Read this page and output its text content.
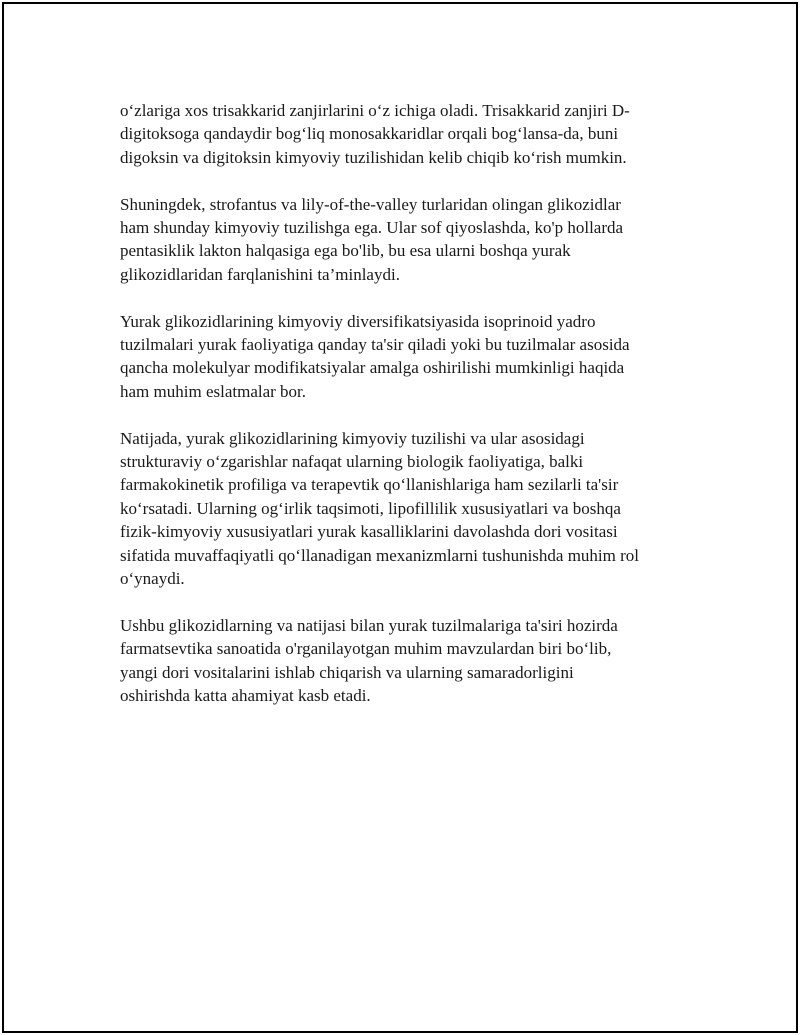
o‘zlariga xos trisakkarid zanjirlarini o‘z ichiga oladi. Trisakkarid zanjiri D-
digitoksoga qandaydir bog‘liq monosakkaridlar orqali bog‘lansa-da, buni
digoksin va digitoksin kimyoviy tuzilishidan kelib chiqib ko‘rish mumkin.

Shuningdek, strofantus va lily-of-the-valley turlaridan olingan glikozidlar
ham shunday kimyoviy tuzilishga ega. Ular sof qiyoslashda, ko'p hollarda
pentasiklik lakton halqasiga ega bo'lib, bu esa ularni boshqa yurak
glikozidlaridan farqlanishini ta’minlaydi.

Yurak glikozidlarining kimyoviy diversifikatsiyasida isoprinoid yadro
tuzilmalari yurak faoliyatiga qanday ta'sir qiladi yoki bu tuzilmalar asosida
qancha molekulyar modifikatsiyalar amalga oshirilishi mumkinligi haqida
ham muhim eslatmalar bor.

Natijada, yurak glikozidlarining kimyoviy tuzilishi va ular asosidagi
strukturaviy o‘zgarishlar nafaqat ularning biologik faoliyatiga, balki
farmakokinetik profiliga va terapevtik qo‘llanishlariga ham sezilarli ta'sir
ko‘rsatadi. Ularning og‘irlik taqsimoti, lipofillilik xususiyatlari va boshqa
fizik-kimyoviy xususiyatlari yurak kasalliklarini davolashda dori vositasi
sifatida muvaffaqiyatli qo‘llanadigan mexanizmlarni tushunishda muhim rol
o‘ynaydi.

Ushbu glikozidlarning va natijasi bilan yurak tuzilmalariga ta'siri hozirda
farmatsevtika sanoatida o'rganilayotgan muhim mavzulardan biri bo‘lib,
yangi dori vositalarini ishlab chiqarish va ularning samaradorligini
oshirishda katta ahamiyat kasb etadi.
